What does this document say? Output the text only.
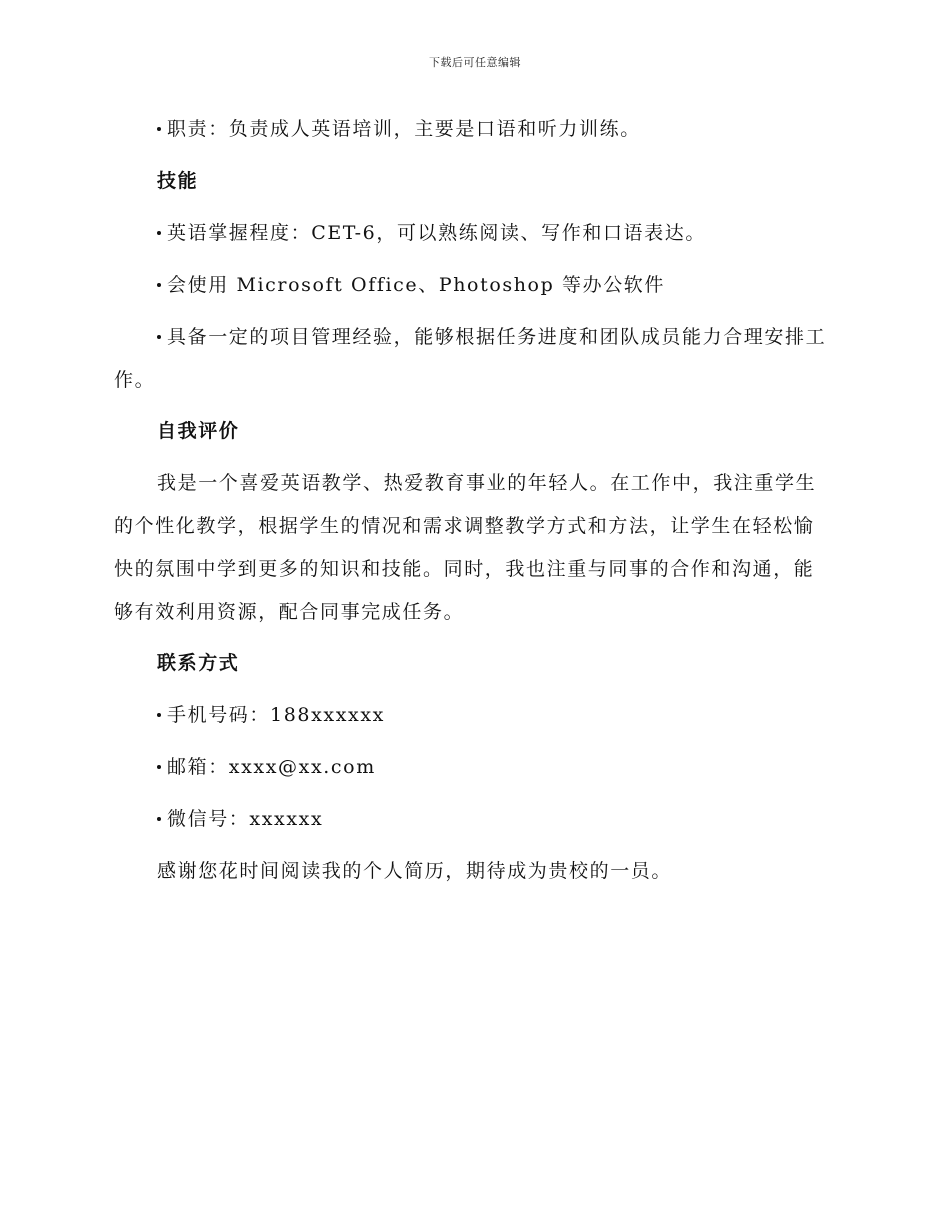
下载后可任意编辑

职责：负责成人英语培训，主要是口语和听力训练。

技能

英语掌握程度：CET-6，可以熟练阅读、写作和口语表达。

会使用 Microsoft Office、Photoshop 等办公软件

具备一定的项目管理经验，能够根据任务进度和团队成员能力合理安排工作。

自我评价

我是一个喜爱英语教学、热爱教育事业的年轻人。在工作中，我注重学生的个性化教学，根据学生的情况和需求调整教学方式和方法，让学生在轻松愉快的氛围中学到更多的知识和技能。同时，我也注重与同事的合作和沟通，能够有效利用资源，配合同事完成任务。

联系方式

手机号码：188xxxxxx

邮箱：xxxx@xx.com

微信号：xxxxxx

感谢您花时间阅读我的个人简历，期待成为贵校的一员。
